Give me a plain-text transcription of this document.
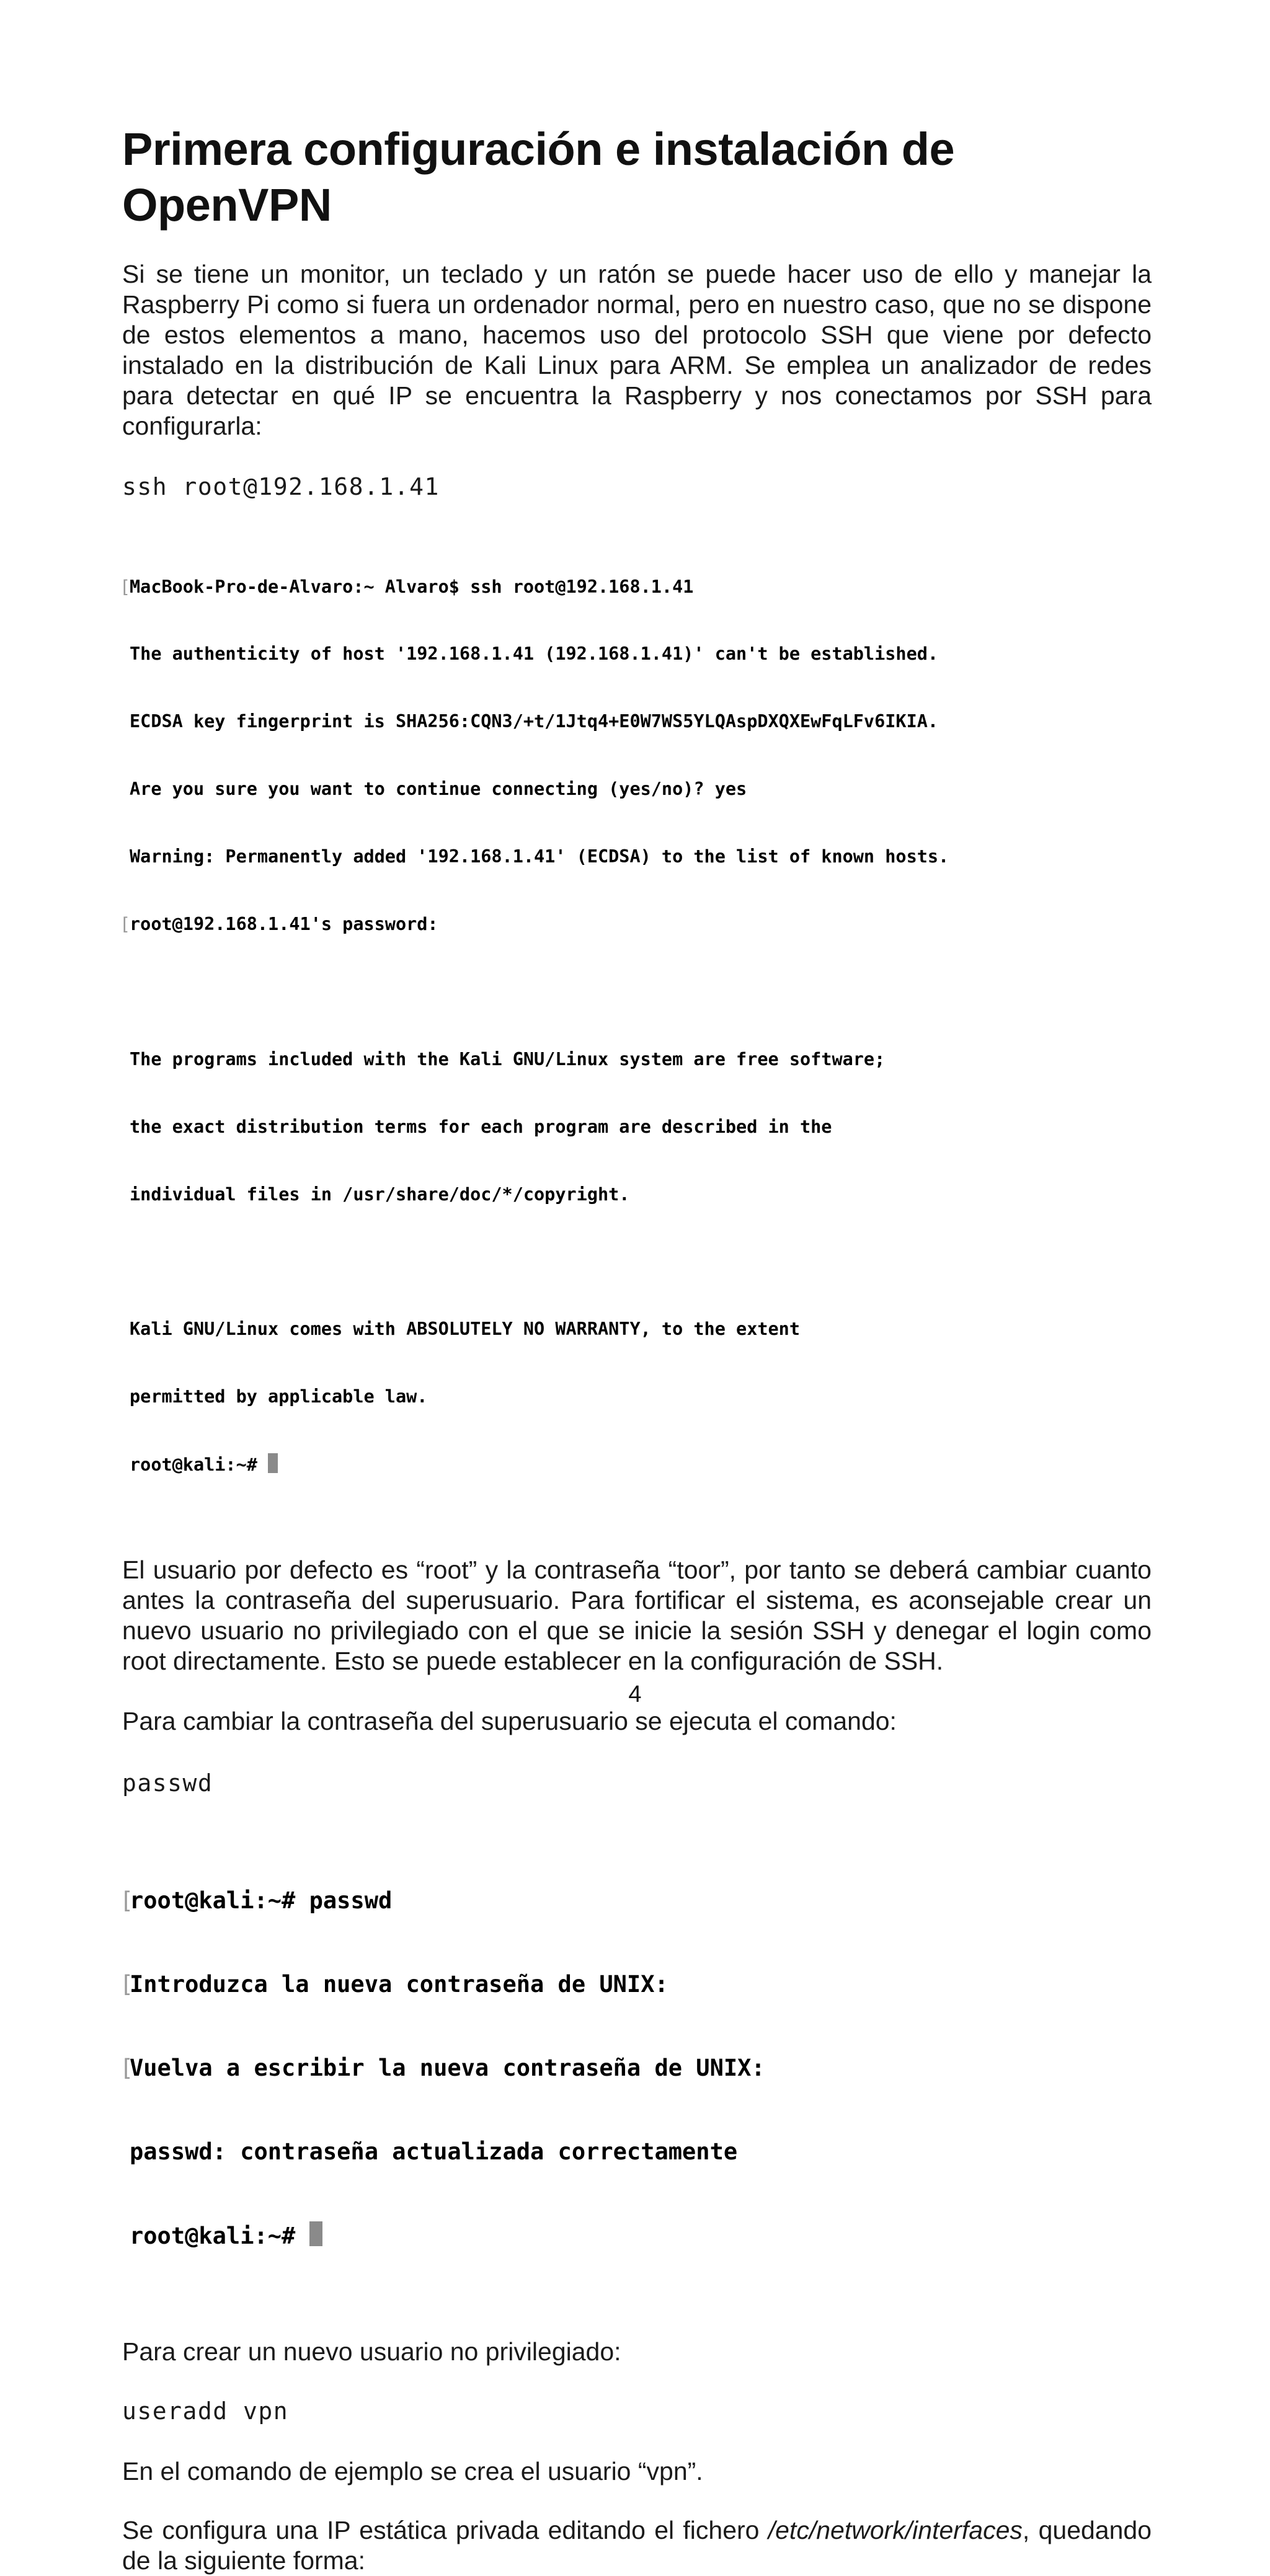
Primera configuración e instalación de OpenVPN

Si se tiene un monitor, un teclado y un ratón se puede hacer uso de ello y manejar la Raspberry Pi como si fuera un ordenador normal, pero en nuestro caso, que no se dispone de estos elementos a mano, hacemos uso del protocolo SSH que viene por defecto instalado en la distribución de Kali Linux para ARM. Se emplea un analizador de redes para detectar en qué IP se encuentra la Raspberry y nos conectamos por SSH para configurarla:

ssh root@192.168.1.41

[
MacBook-Pro-de-Alvaro:~ Alvaro$ ssh root@192.168.1.41

The authenticity of host '192.168.1.41 (192.168.1.41)' can't be established.

ECDSA key fingerprint is SHA256:CQN3/+t/1Jtq4+E0W7WS5YLQAspDXQXEwFqLFv6IKIA.

Are you sure you want to continue connecting (yes/no)? yes

Warning: Permanently added '192.168.1.41' (ECDSA) to the list of known hosts.

[
root@192.168.1.41's password:

The programs included with the Kali GNU/Linux system are free software;

the exact distribution terms for each program are described in the

individual files in /usr/share/doc/*/copyright.

Kali GNU/Linux comes with ABSOLUTELY NO WARRANTY, to the extent

permitted by applicable law.

root@kali:~#

El usuario por defecto es “root” y la contraseña “toor”, por tanto se deberá cambiar cuanto antes la contraseña del superusuario. Para fortificar el sistema, es aconsejable crear un nuevo usuario no privilegiado con el que se inicie la sesión SSH y denegar el login como root directamente. Esto se puede establecer en la configuración de SSH.

Para cambiar la contraseña del superusuario se ejecuta el comando:

passwd

[
root@kali:~# passwd

[
Introduzca la nueva contraseña de UNIX:

[
Vuelva a escribir la nueva contraseña de UNIX:

passwd: contraseña actualizada correctamente

root@kali:~#

Para crear un nuevo usuario no privilegiado:

useradd vpn

En el comando de ejemplo se crea el usuario “vpn”.

Se configura una IP estática privada editando el fichero /etc/network/interfaces, quedando de la siguiente forma:

4
